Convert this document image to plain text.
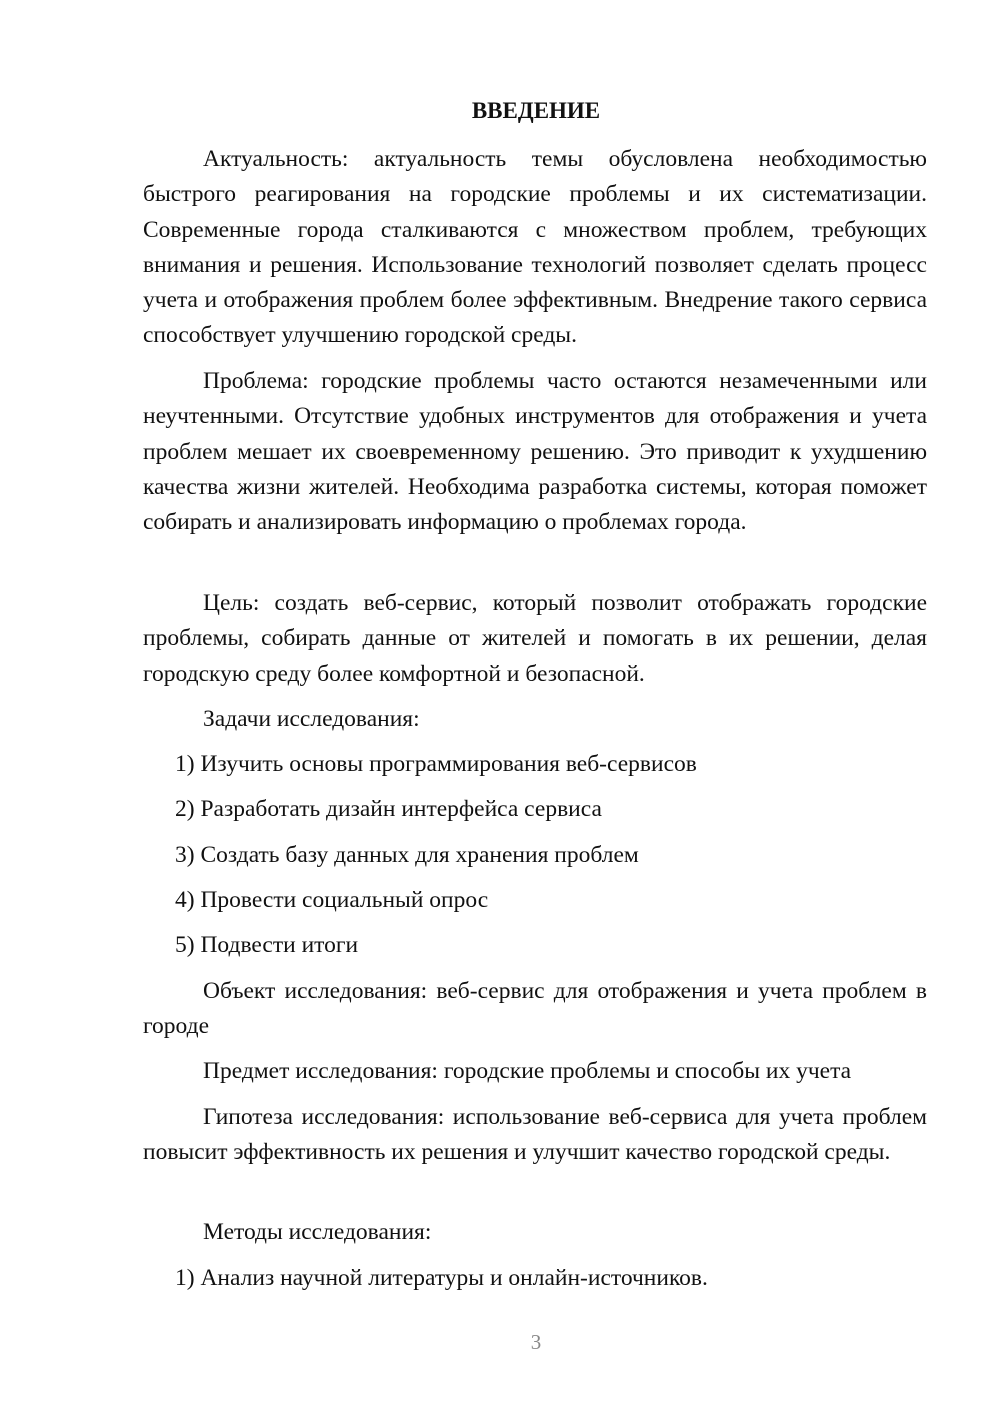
ВВЕДЕНИЕ

Актуальность: актуальность темы обусловлена необходимостью быстрого реагирования на городские проблемы и их систематизации. Современные города сталкиваются с множеством проблем, требующих внимания и решения. Использование технологий позволяет сделать процесс учета и отображения проблем более эффективным. Внедрение такого сервиса способствует улучшению городской среды.

Проблема: городские проблемы часто остаются незамеченными или неучтенными. Отсутствие удобных инструментов для отображения и учета проблем мешает их своевременному решению. Это приводит к ухудшению качества жизни жителей. Необходима разработка системы, которая поможет собирать и анализировать информацию о проблемах города.

Цель: создать веб-сервис, который позволит отображать городские проблемы, собирать данные от жителей и помогать в их решении, делая городскую среду более комфортной и безопасной.

Задачи исследования:

1) Изучить основы программирования веб-сервисов

2) Разработать дизайн интерфейса сервиса

3) Создать базу данных для хранения проблем

4) Провести социальный опрос

5) Подвести итоги

Объект исследования: веб-сервис для отображения и учета проблем в городе

Предмет исследования: городские проблемы и способы их учета

Гипотеза исследования: использование веб-сервиса для учета проблем повысит эффективность их решения и улучшит качество городской среды.

Методы исследования:

1) Анализ научной литературы и онлайн-источников.

3
